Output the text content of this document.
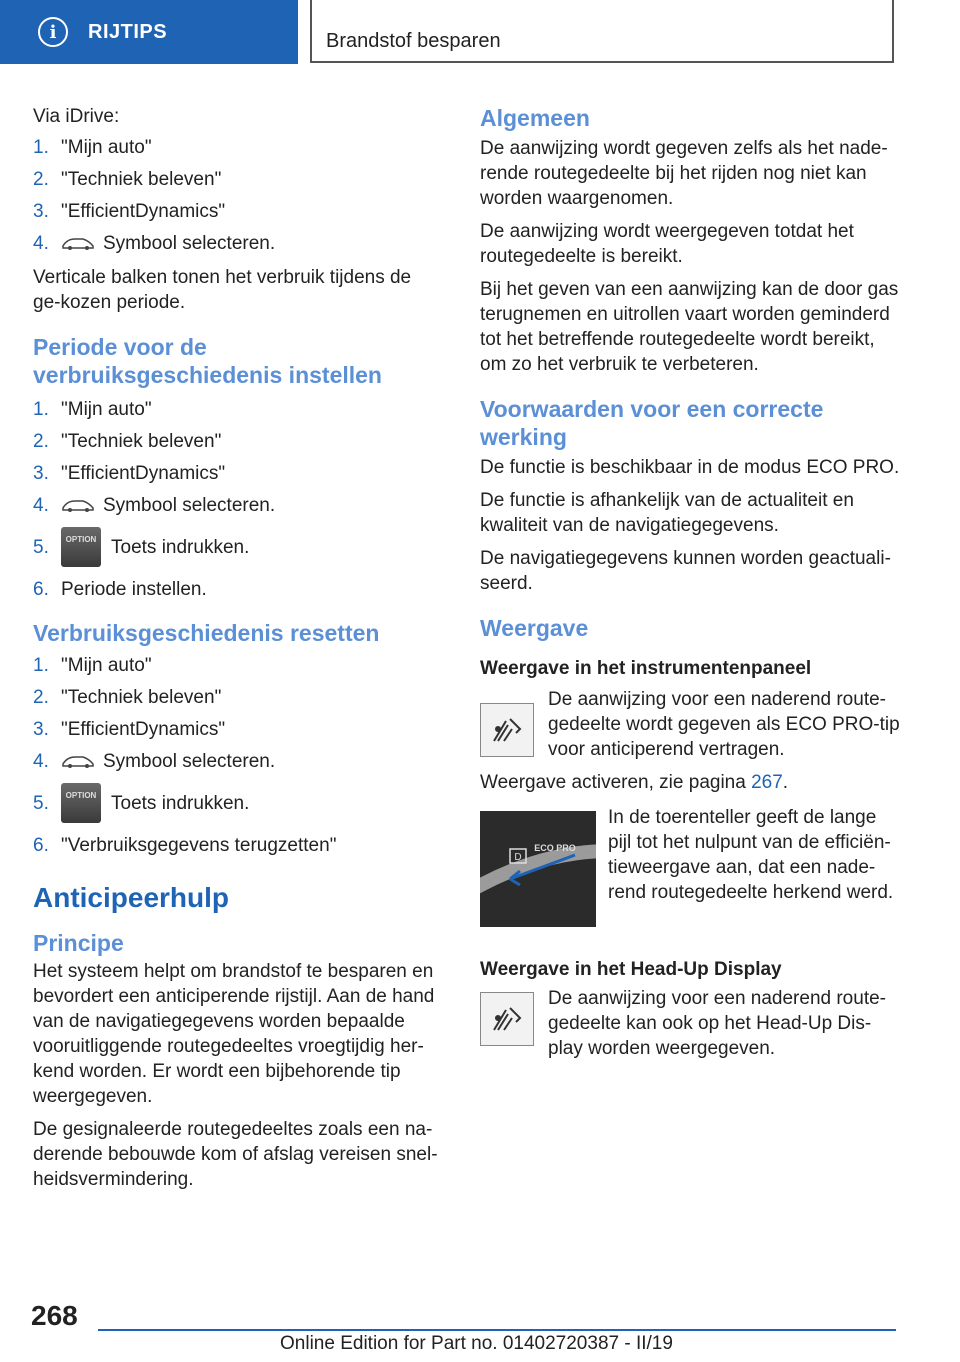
i	RIJTIPS	Brandstof besparen

Via iDrive:

1. "Mijn auto"
2. "Techniek beleven"
3. "EfficientDynamics"
4.	Symbool selecteren.

Verticale balken tonen het verbruik tijdens de ge-kozen periode.

Periode voor de verbruiksgeschiedenis instellen
1. "Mijn auto"
2. "Techniek beleven"
3. "EfficientDynamics"
4.	Symbool selecteren.
5.	OPTION Toets indrukken.
6. Periode instellen.
Verbruiksgeschiedenis resetten
1. "Mijn auto"
2. "Techniek beleven"
3. "EfficientDynamics"
4.	Symbool selecteren.
5.	OPTION Toets indrukken.
6. "Verbruiksgegevens terugzetten"
Anticipeerhulp
Principe

Het systeem helpt om brandstof te besparen en bevordert een anticiperende rijstijl. Aan de hand van de navigatiegegevens worden bepaalde vooruitliggende routegedeeltes vroegtijdig her-kend worden. Er wordt een bijbehorende tip weergegeven.

De gesignaleerde routegedeeltes zoals een na-derende bebouwde kom of afslag vereisen snel-heidsvermindering.

Algemeen

De aanwijzing wordt gegeven zelfs als het nade-rende routegedeelte bij het rijden nog niet kan worden waargenomen.

De aanwijzing wordt weergegeven totdat het routegedeelte is bereikt.

Bij het geven van een aanwijzing kan de door gas terugnemen en uitrollen vaart worden geminderd tot het betreffende routegedeelte wordt bereikt, om zo het verbruik te verbeteren.

Voorwaarden voor een correcte werking

De functie is beschikbaar in de modus ECO PRO.

De functie is afhankelijk van de actualiteit en kwaliteit van de navigatiegegevens.

De navigatiegegevens kunnen worden geactuali-seerd.

Weergave
Weergave in het instrumentenpaneel

De aanwijzing voor een naderend route-gedeelte wordt gegeven als ECO PRO-tip voor anticiperend vertragen.

Weergave activeren, zie pagina 267.

D
ECO PRO

In de toerenteller geeft de lange pijl tot het nulpunt van de efficiën-tieweergave aan, dat een nade-rend routegedeelte herkend werd.

Weergave in het Head-Up Display

De aanwijzing voor een naderend route-gedeelte kan ook op het Head-Up Dis-play worden weergegeven.

268
Online Edition for Part no. 01402720387 - II/19
